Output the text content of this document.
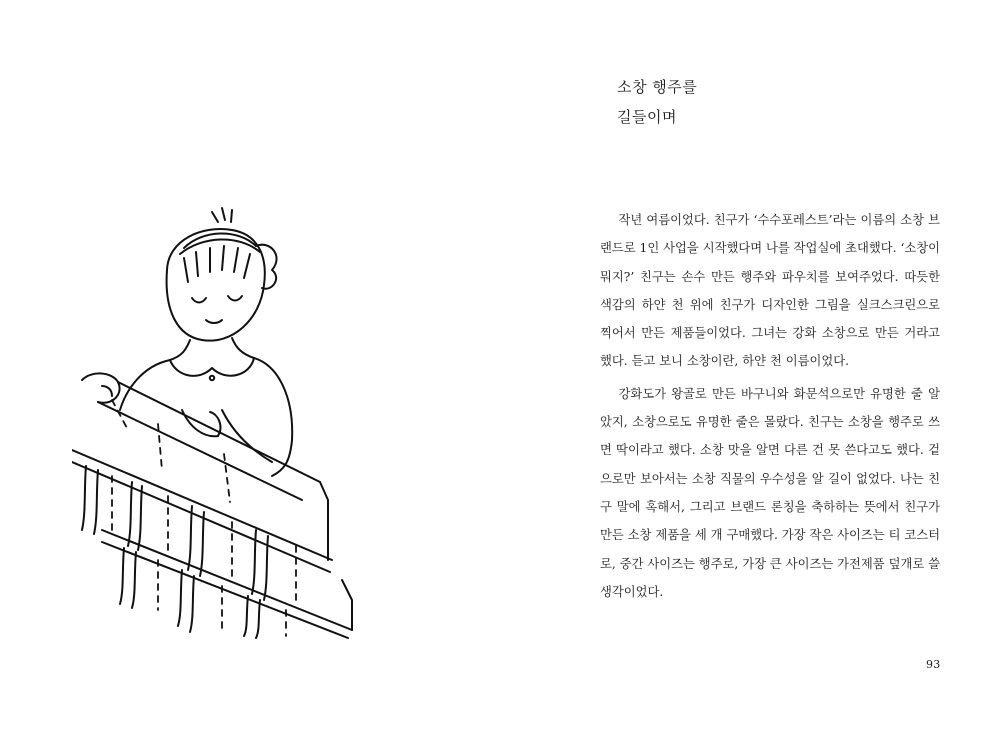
소창 행주를
길들이며

작년 여름이었다. 친구가 ‘수수포레스트’라는 이름의 소창 브랜드로 1인 사업을 시작했다며 나를 작업실에 초대했다. ‘소창이 뭐지?’ 친구는 손수 만든 행주와 파우치를 보여주었다. 따듯한 색감의 하얀 천 위에 친구가 디자인한 그림을 실크스크린으로 찍어서 만든 제품들이었다. 그녀는 강화 소창으로 만든 거라고 했다. 듣고 보니 소창이란, 하얀 천 이름이었다.

강화도가 왕골로 만든 바구니와 화문석으로만 유명한 줄 알았지, 소창으로도 유명한 줄은 몰랐다. 친구는 소창을 행주로 쓰면 딱이라고 했다. 소창 맛을 알면 다른 건 못 쓴다고도 했다. 겉으로만 보아서는 소창 직물의 우수성을 알 길이 없었다. 나는 친구 말에 혹해서, 그리고 브랜드 론칭을 축하하는 뜻에서 친구가 만든 소창 제품을 세 개 구매했다. 가장 작은 사이즈는 티 코스터로, 중간 사이즈는 행주로, 가장 큰 사이즈는 가전제품 덮개로 쓸 생각이었다.

93
